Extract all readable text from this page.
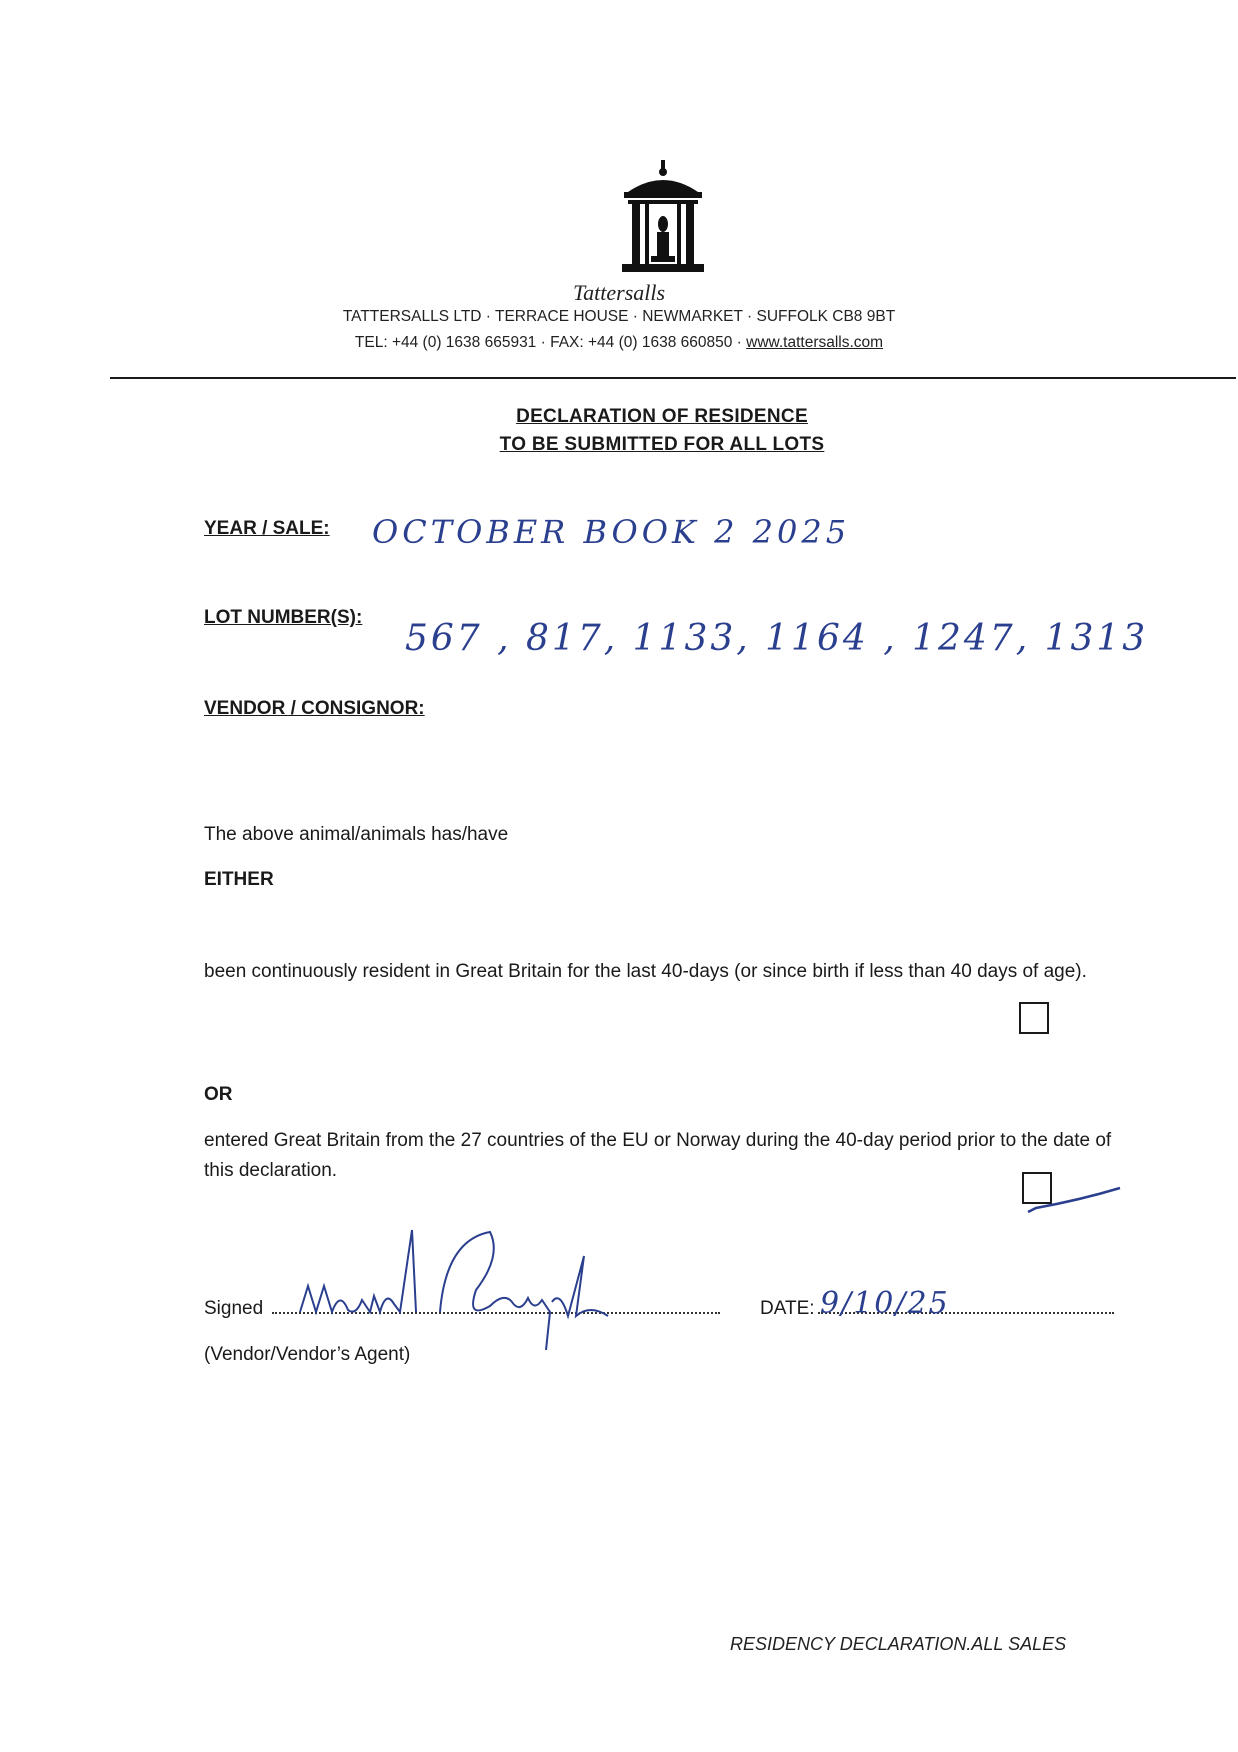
Tattersalls
TATTERSALLS LTD · TERRACE HOUSE · NEWMARKET · SUFFOLK CB8 9BT
TEL: +44 (0) 1638 665931 · FAX: +44 (0) 1638 660850 · www.tattersalls.com
DECLARATION OF RESIDENCE
TO BE SUBMITTED FOR ALL LOTS
YEAR / SALE: OCTOBER BOOK 2 2025
LOT NUMBER(S):
567 , 817, 1133, 1164 , 1247, 1313
VENDOR / CONSIGNOR:
The above animal/animals has/have
EITHER
been continuously resident in Great Britain for the last 40-days (or since birth if less than 40 days of age).
OR
entered Great Britain from the 27 countries of the EU or Norway during the 40-day period prior to the date of this declaration.
Signed	DATE: 9/10/25
(Vendor/Vendor’s Agent)
RESIDENCY DECLARATION.ALL SALES
